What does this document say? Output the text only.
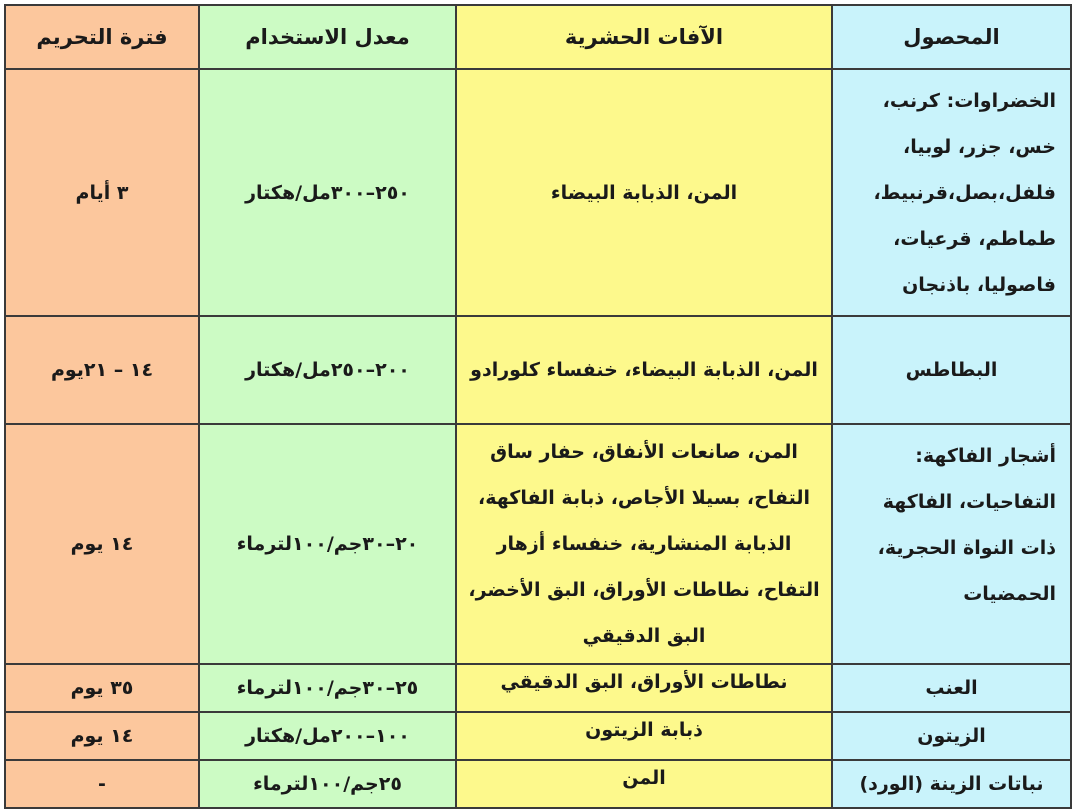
المحصول	الآفات الحشرية	معدل الاستخدام	فترة التحريم
الخضراوات: كرنب، خس، جزر، لوبيا، فلفل،بصل،قرنبيط، طماطم، قرعيات، فاصوليا، باذنجان	المن، الذبابة البيضاء	٢٥٠–٣٠٠مل/هكتار	٣ أيام
البطاطس	المن، الذبابة البيضاء، خنفساء كلورادو	٢٠٠–٢٥٠مل/هكتار	١٤ – ٢١يوم
أشجار الفاكهة: التفاحيات، الفاكهة ذات النواة الحجرية، الحمضيات	المن، صانعات الأنفاق، حفار ساق التفاح، بسيلا الأجاص، ذبابة الفاكهة، الذبابة المنشارية، خنفساء أزهار التفاح، نطاطات الأوراق، البق الأخضر، البق الدقيقي	٢٠–٣٠جم/١٠٠لترماء	١٤ يوم
العنب	نطاطات الأوراق، البق الدقيقي	٢٥–٣٠جم/١٠٠لترماء	٣٥ يوم
الزيتون	ذبابة الزيتون	١٠٠–٢٠٠مل/هكتار	١٤ يوم
نباتات الزينة (الورد)	المن	٢٥جم/١٠٠لترماء	-
